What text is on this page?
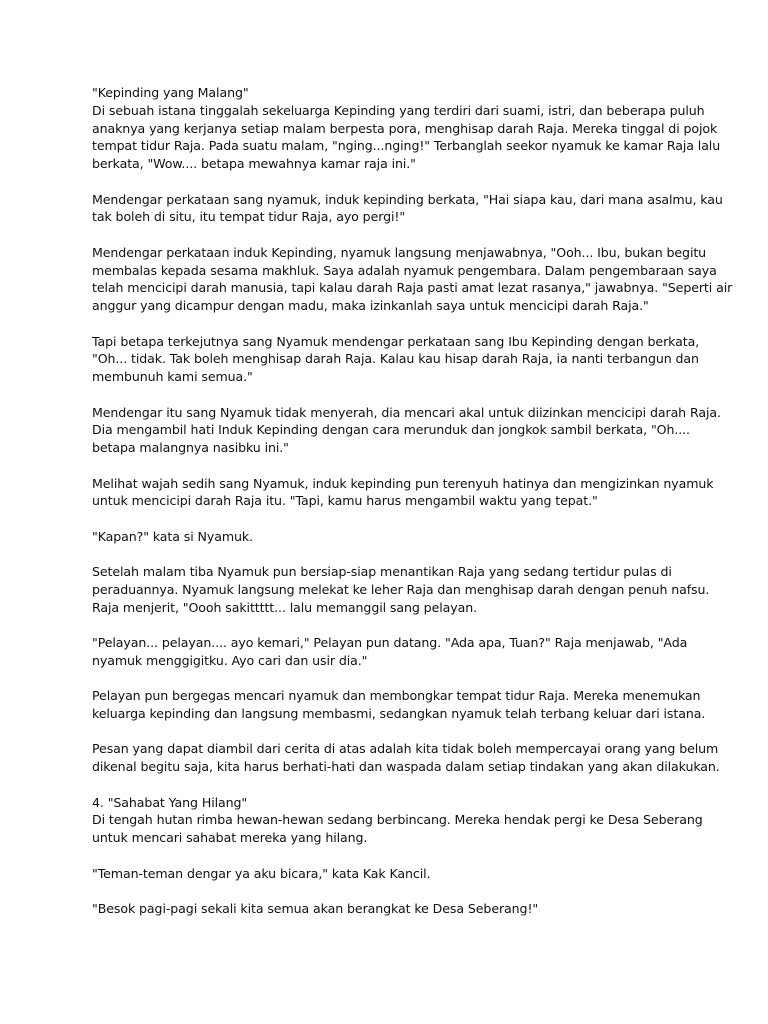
"Kepinding yang Malang"
Di sebuah istana tinggalah sekeluarga Kepinding yang terdiri dari suami, istri, dan beberapa puluh
anaknya yang kerjanya setiap malam berpesta pora, menghisap darah Raja. Mereka tinggal di pojok
tempat tidur Raja. Pada suatu malam, "nging...nging!" Terbanglah seekor nyamuk ke kamar Raja lalu
berkata, "Wow.... betapa mewahnya kamar raja ini."
Mendengar perkataan sang nyamuk, induk kepinding berkata, "Hai siapa kau, dari mana asalmu, kau
tak boleh di situ, itu tempat tidur Raja, ayo pergi!"
Mendengar perkataan induk Kepinding, nyamuk langsung menjawabnya, "Ooh... Ibu, bukan begitu
membalas kepada sesama makhluk. Saya adalah nyamuk pengembara. Dalam pengembaraan saya
telah mencicipi darah manusia, tapi kalau darah Raja pasti amat lezat rasanya," jawabnya. "Seperti air
anggur yang dicampur dengan madu, maka izinkanlah saya untuk mencicipi darah Raja."
Tapi betapa terkejutnya sang Nyamuk mendengar perkataan sang Ibu Kepinding dengan berkata,
"Oh... tidak. Tak boleh menghisap darah Raja. Kalau kau hisap darah Raja, ia nanti terbangun dan
membunuh kami semua."
Mendengar itu sang Nyamuk tidak menyerah, dia mencari akal untuk diizinkan mencicipi darah Raja.
Dia mengambil hati Induk Kepinding dengan cara merunduk dan jongkok sambil berkata, "Oh....
betapa malangnya nasibku ini."
Melihat wajah sedih sang Nyamuk, induk kepinding pun terenyuh hatinya dan mengizinkan nyamuk
untuk mencicipi darah Raja itu. "Tapi, kamu harus mengambil waktu yang tepat."
"Kapan?" kata si Nyamuk.
Setelah malam tiba Nyamuk pun bersiap-siap menantikan Raja yang sedang tertidur pulas di
peraduannya. Nyamuk langsung melekat ke leher Raja dan menghisap darah dengan penuh nafsu.
Raja menjerit, "Oooh sakittttt... lalu memanggil sang pelayan.
"Pelayan... pelayan.... ayo kemari," Pelayan pun datang. "Ada apa, Tuan?" Raja menjawab, "Ada
nyamuk menggigitku. Ayo cari dan usir dia."
Pelayan pun bergegas mencari nyamuk dan membongkar tempat tidur Raja. Mereka menemukan
keluarga kepinding dan langsung membasmi, sedangkan nyamuk telah terbang keluar dari istana.
Pesan yang dapat diambil dari cerita di atas adalah kita tidak boleh mempercayai orang yang belum
dikenal begitu saja, kita harus berhati-hati dan waspada dalam setiap tindakan yang akan dilakukan.
4. "Sahabat Yang Hilang"
Di tengah hutan rimba hewan-hewan sedang berbincang. Mereka hendak pergi ke Desa Seberang
untuk mencari sahabat mereka yang hilang.
"Teman-teman dengar ya aku bicara," kata Kak Kancil.
"Besok pagi-pagi sekali kita semua akan berangkat ke Desa Seberang!"
